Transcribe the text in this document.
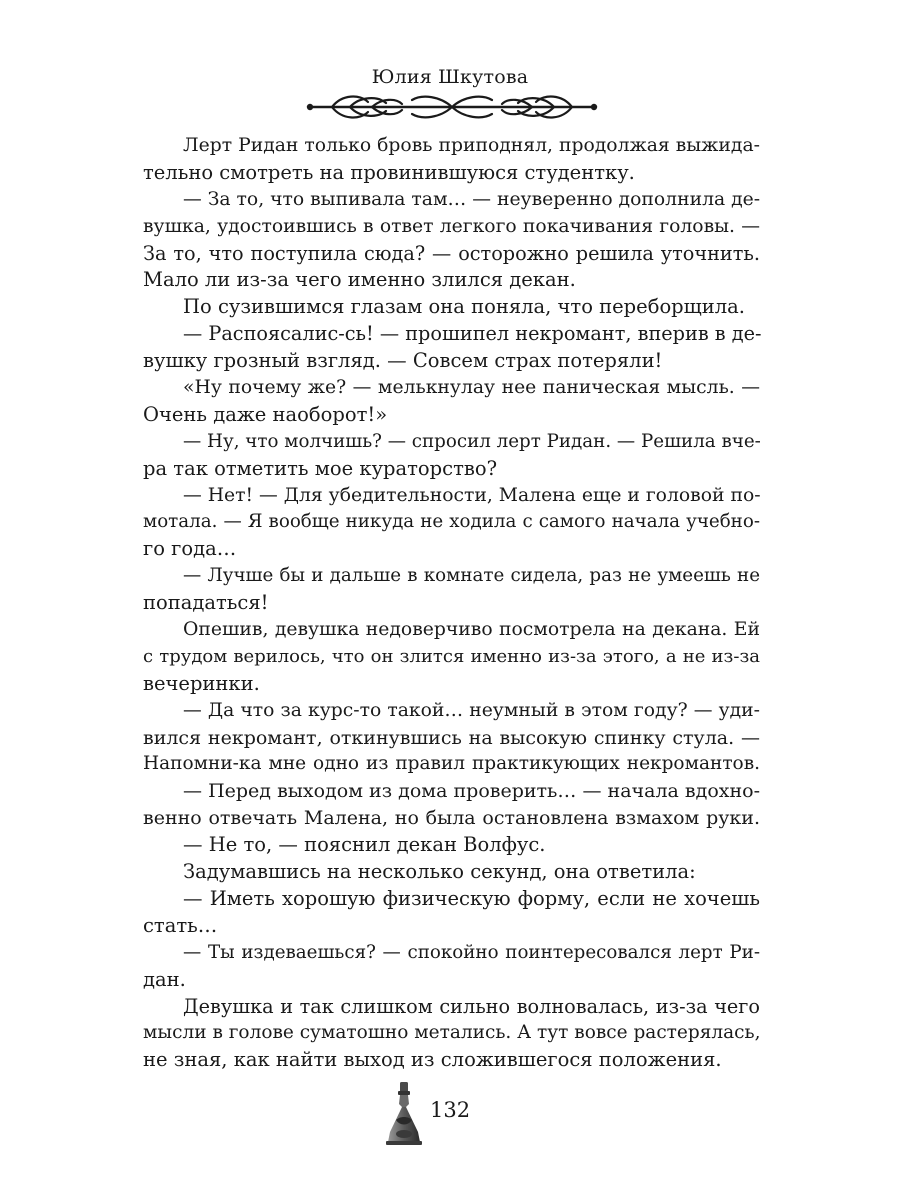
Юлия Шкутова
Лерт Ридан только бровь приподнял, продолжая выжида-
тельно смотреть на провинившуюся студентку.
— За то, что выпивала там… — неуверенно дополнила де-
вушка, удостоившись в ответ легкого покачивания головы. —
За то, что поступила сюда? — осторожно решила уточнить.
Мало ли из-за чего именно злился декан.
По сузившимся глазам она поняла, что переборщила.
— Распоясалис-сь! — прошипел некромант, вперив в де-
вушку грозный взгляд. — Совсем страх потеряли!
«Ну почему же? — мелькнулау нее паническая мысль. —
Очень даже наоборот!»
— Ну, что молчишь? — спросил лерт Ридан. — Решила вче-
ра так отметить мое кураторство?
— Нет! — Для убедительности, Малена еще и головой по-
мотала. — Я вообще никуда не ходила с самого начала учебно-
го года…
— Лучше бы и дальше в комнате сидела, раз не умеешь не
попадаться!
Опешив, девушка недоверчиво посмотрела на декана. Ей
с трудом верилось, что он злится именно из-за этого, а не из-за
вечеринки.
— Да что за курс-то такой… неумный в этом году? — уди-
вился некромант, откинувшись на высокую спинку стула. —
Напомни-ка мне одно из правил практикующих некромантов.
— Перед выходом из дома проверить… — начала вдохно-
венно отвечать Малена, но была остановлена взмахом руки.
— Не то, — пояснил декан Волфус.
Задумавшись на несколько секунд, она ответила:
— Иметь хорошую физическую форму, если не хочешь
стать…
— Ты издеваешься? — спокойно поинтересовался лерт Ри-
дан.
Девушка и так слишком сильно волновалась, из-за чего
мысли в голове суматошно метались. А тут вовсе растерялась,
не зная, как найти выход из сложившегося положения.
132
